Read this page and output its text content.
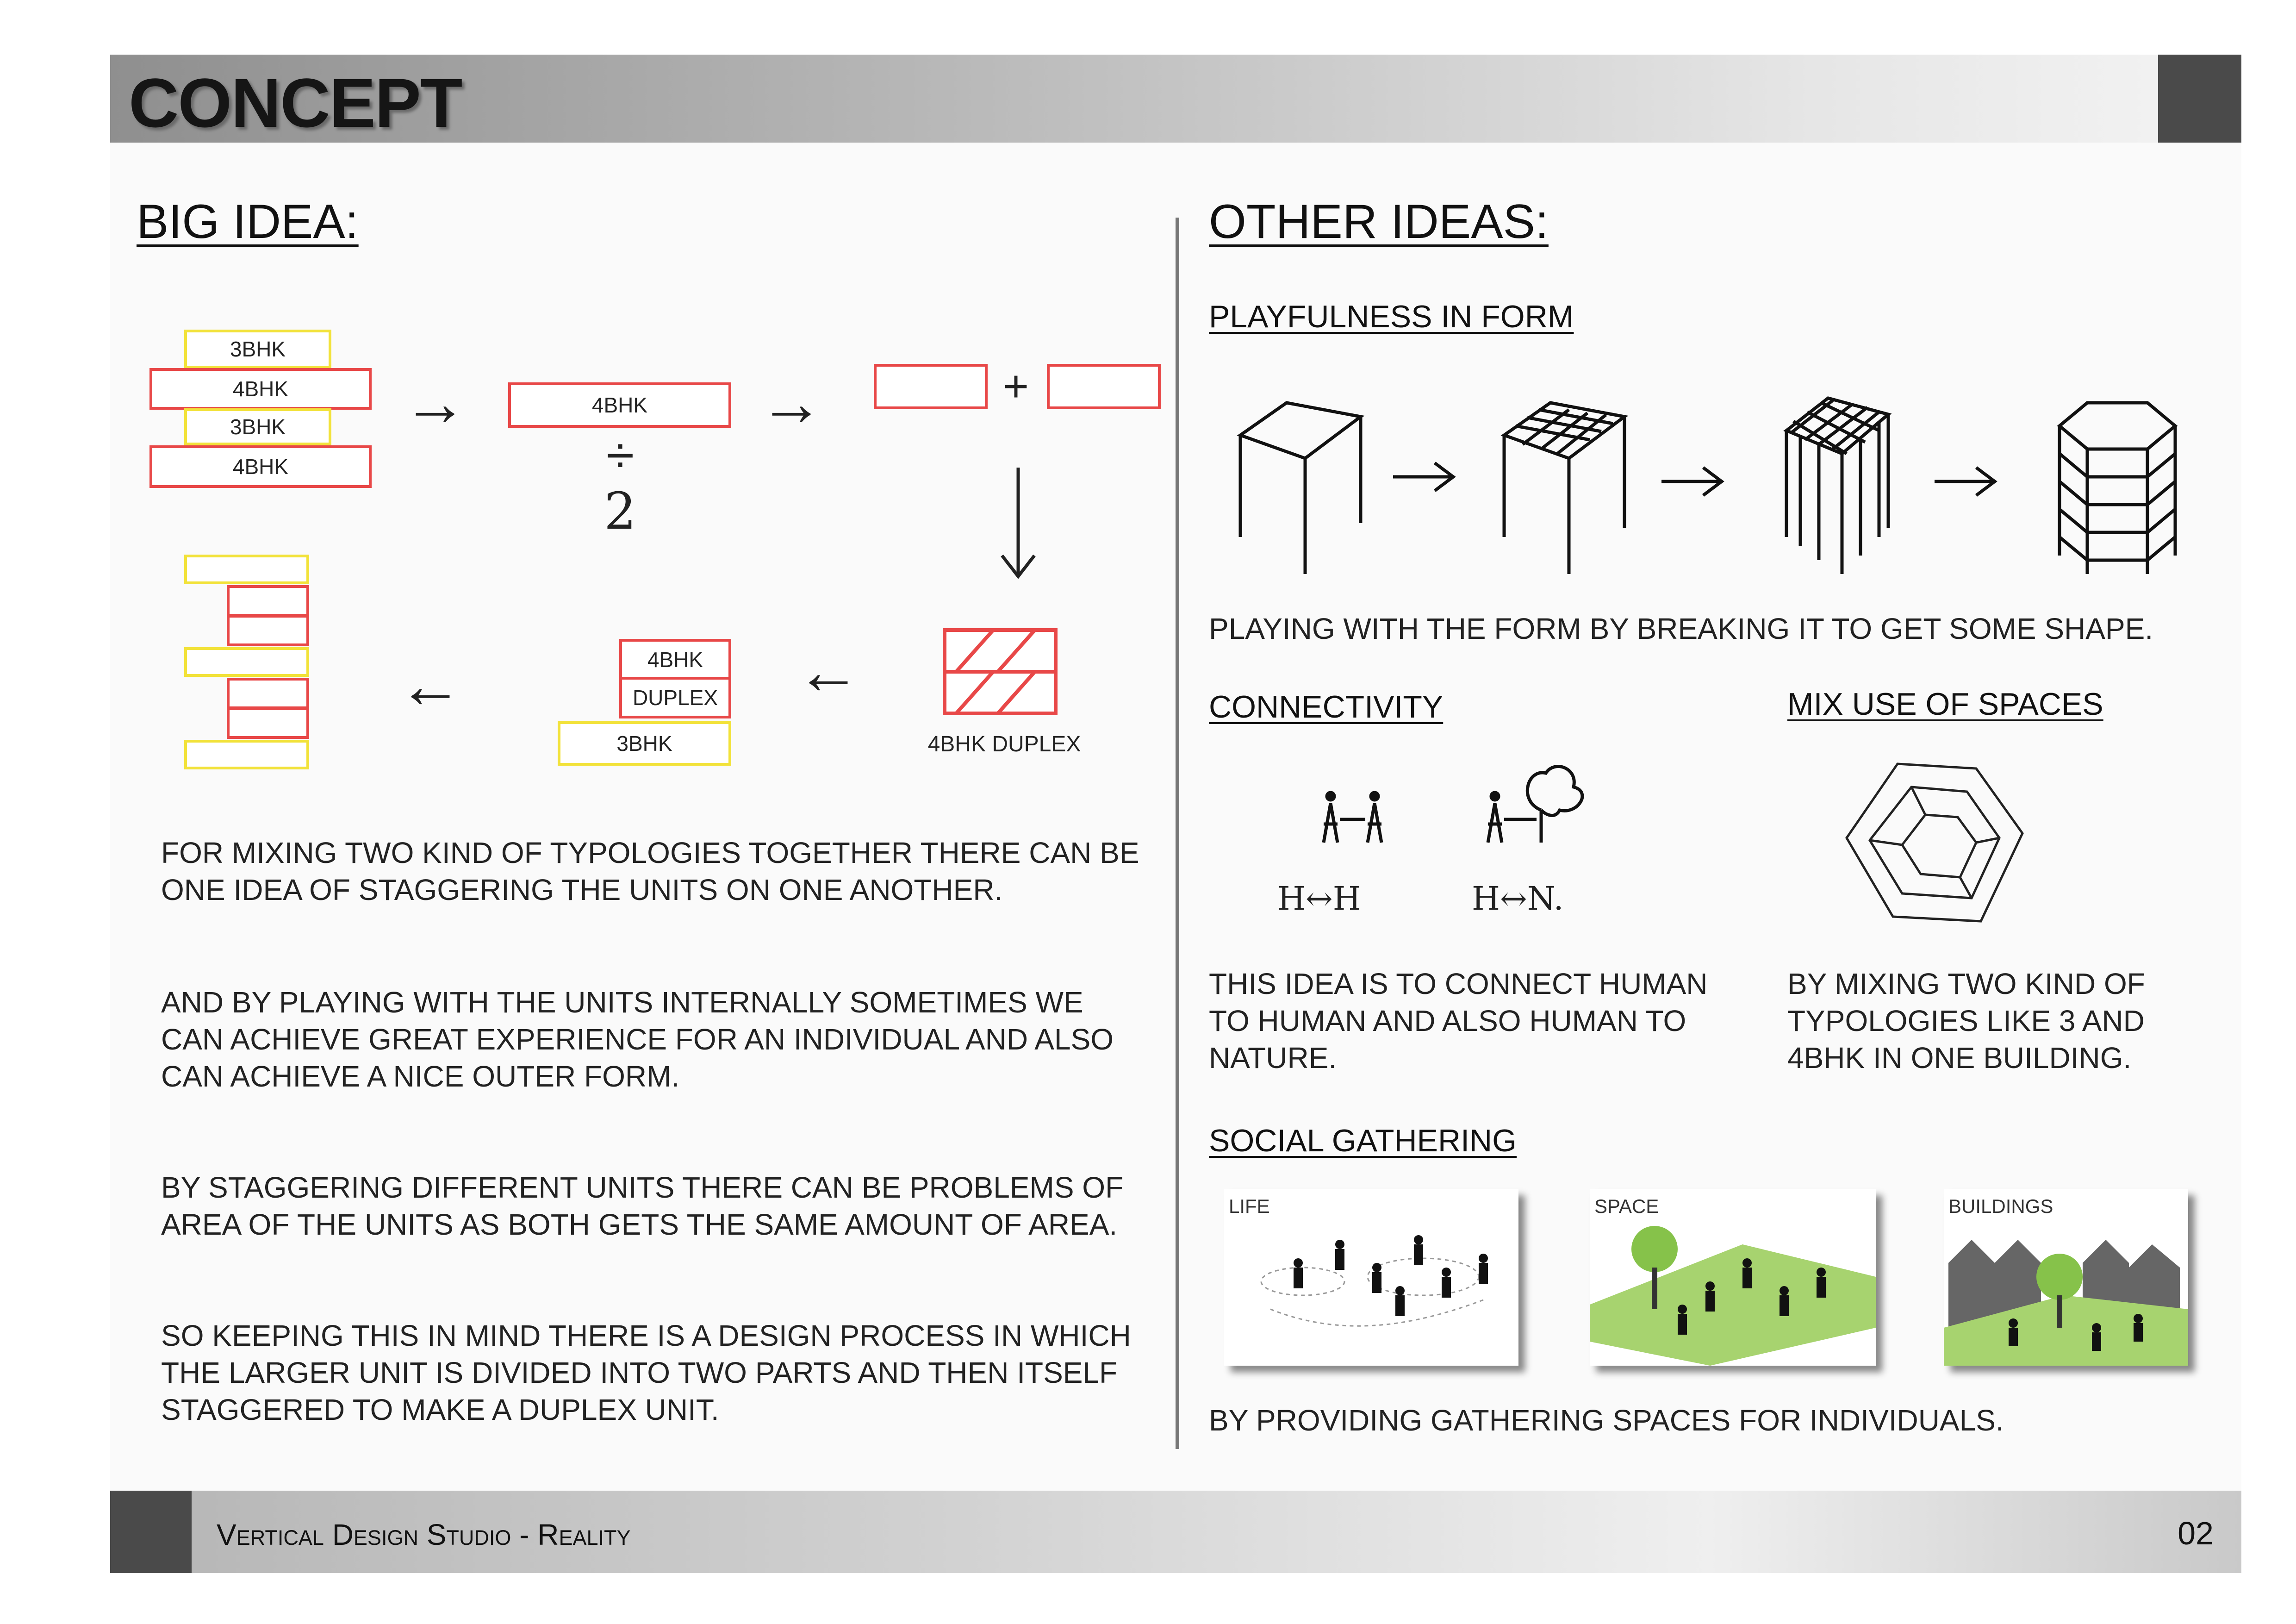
CONCEPT
BIG IDEA:
3BHK
4BHK
3BHK
4BHK
→	4BHK
÷
2
→	+
4BHK DUPLEX
←
4BHK
DUPLEX
3BHK
←
FOR MIXING TWO KIND OF TYPOLOGIES TOGETHER THERE CAN BE ONE IDEA OF STAGGERING THE UNITS ON ONE ANOTHER.
AND BY PLAYING WITH THE UNITS INTERNALLY SOMETIMES WE CAN ACHIEVE GREAT EXPERIENCE FOR AN INDIVIDUAL AND ALSO CAN ACHIEVE A NICE OUTER FORM.
BY STAGGERING DIFFERENT UNITS THERE CAN BE PROBLEMS OF AREA OF THE UNITS AS BOTH GETS THE SAME AMOUNT OF AREA.
SO KEEPING THIS IN MIND THERE IS A DESIGN PROCESS IN WHICH THE LARGER UNIT IS DIVIDED INTO TWO PARTS AND THEN ITSELF STAGGERED TO MAKE A DUPLEX UNIT.
OTHER IDEAS:
PLAYFULNESS IN FORM
PLAYING WITH THE FORM BY BREAKING IT TO GET SOME SHAPE.
CONNECTIVITY	MIX USE OF SPACES
H↔H	H↔N.
THIS IDEA IS TO CONNECT HUMAN TO HUMAN AND ALSO HUMAN TO NATURE.
BY MIXING TWO KIND OF TYPOLOGIES LIKE 3 AND 4BHK IN ONE BUILDING.
SOCIAL GATHERING
LIFE	SPACE	BUILDINGS
BY PROVIDING GATHERING SPACES FOR INDIVIDUALS.
Vertical Design Studio - Reality	02
